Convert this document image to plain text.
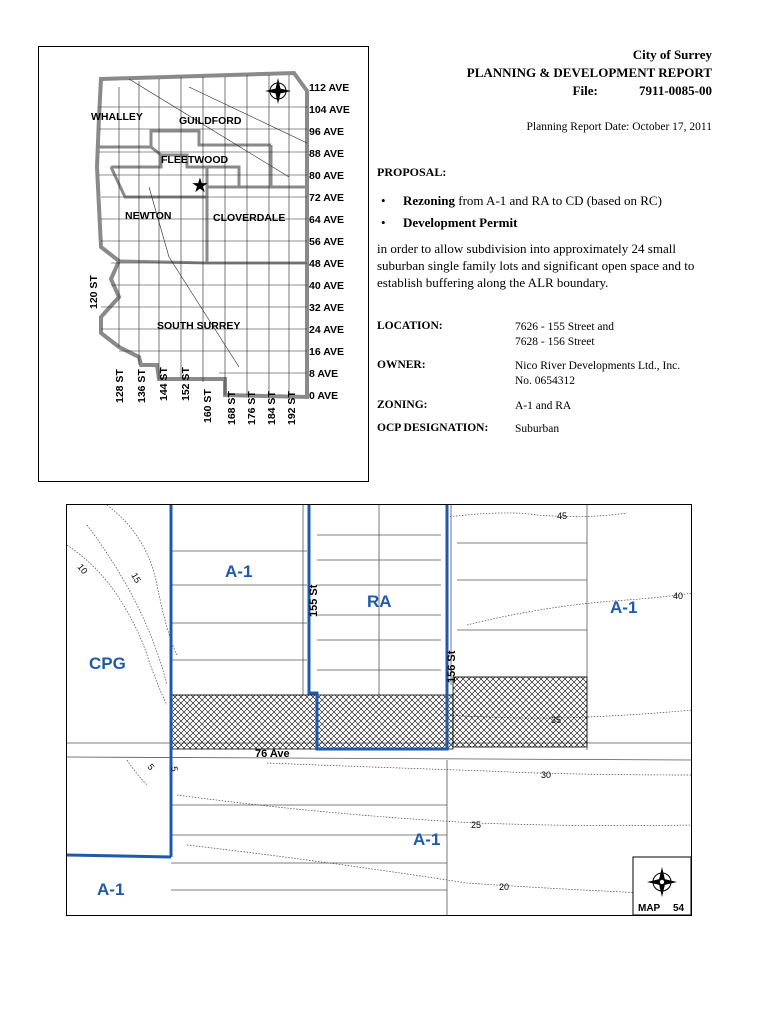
City of Surrey
PLANNING & DEVELOPMENT REPORT
File:	7911-0085-00
Planning Report Date: October 17, 2011
PROPOSAL:
• Rezoning from A-1 and RA to CD (based on RC)
• Development Permit
in order to allow subdivision into approximately 24 small suburban single family lots and significant open space and to establish buffering along the ALR boundary.
LOCATION:	7626 - 155 Street and
7628 - 156 Street
OWNER:	Nico River Developments Ltd., Inc.
No. 0654312
ZONING:	A-1 and RA
OCP DESIGNATION: Suburban
★
WHALLEY	GUILDFORD
FLEETWOOD
NEWTON	CLOVERDALE
SOUTH SURREY
112 AVE
104 AVE
96 AVE
88 AVE
80 AVE
72 AVE
64 AVE
56 AVE
48 AVE
40 AVE
32 AVE
24 AVE
16 AVE
8 AVE
0 AVE
120 ST
128 ST 136 ST 144 ST 152 ST
160 ST 168 ST 176 ST 184 ST 192 ST
A-1
RA	A-1
CPG
A-1
A-1
155 St
156 St
76 Ave
45
40
35
30
25
20
10
15
5 5
MAP 54
